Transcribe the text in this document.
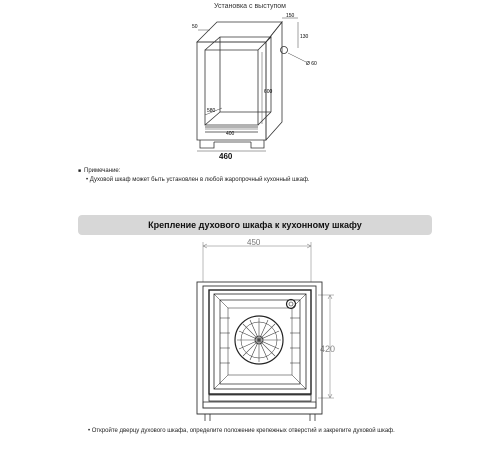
Установка с выступом
150
50
130
Ø 60
600
580
400
460
■ Примечание:
• Духовой шкаф может быть установлен в любой жаропрочный кухонный шкаф.
Крепление духового шкафа к кухонному шкафу
450
420
• Откройте дверцу духового шкафа, определите положение крепежных отверстий и закрепите духовой шкаф.
